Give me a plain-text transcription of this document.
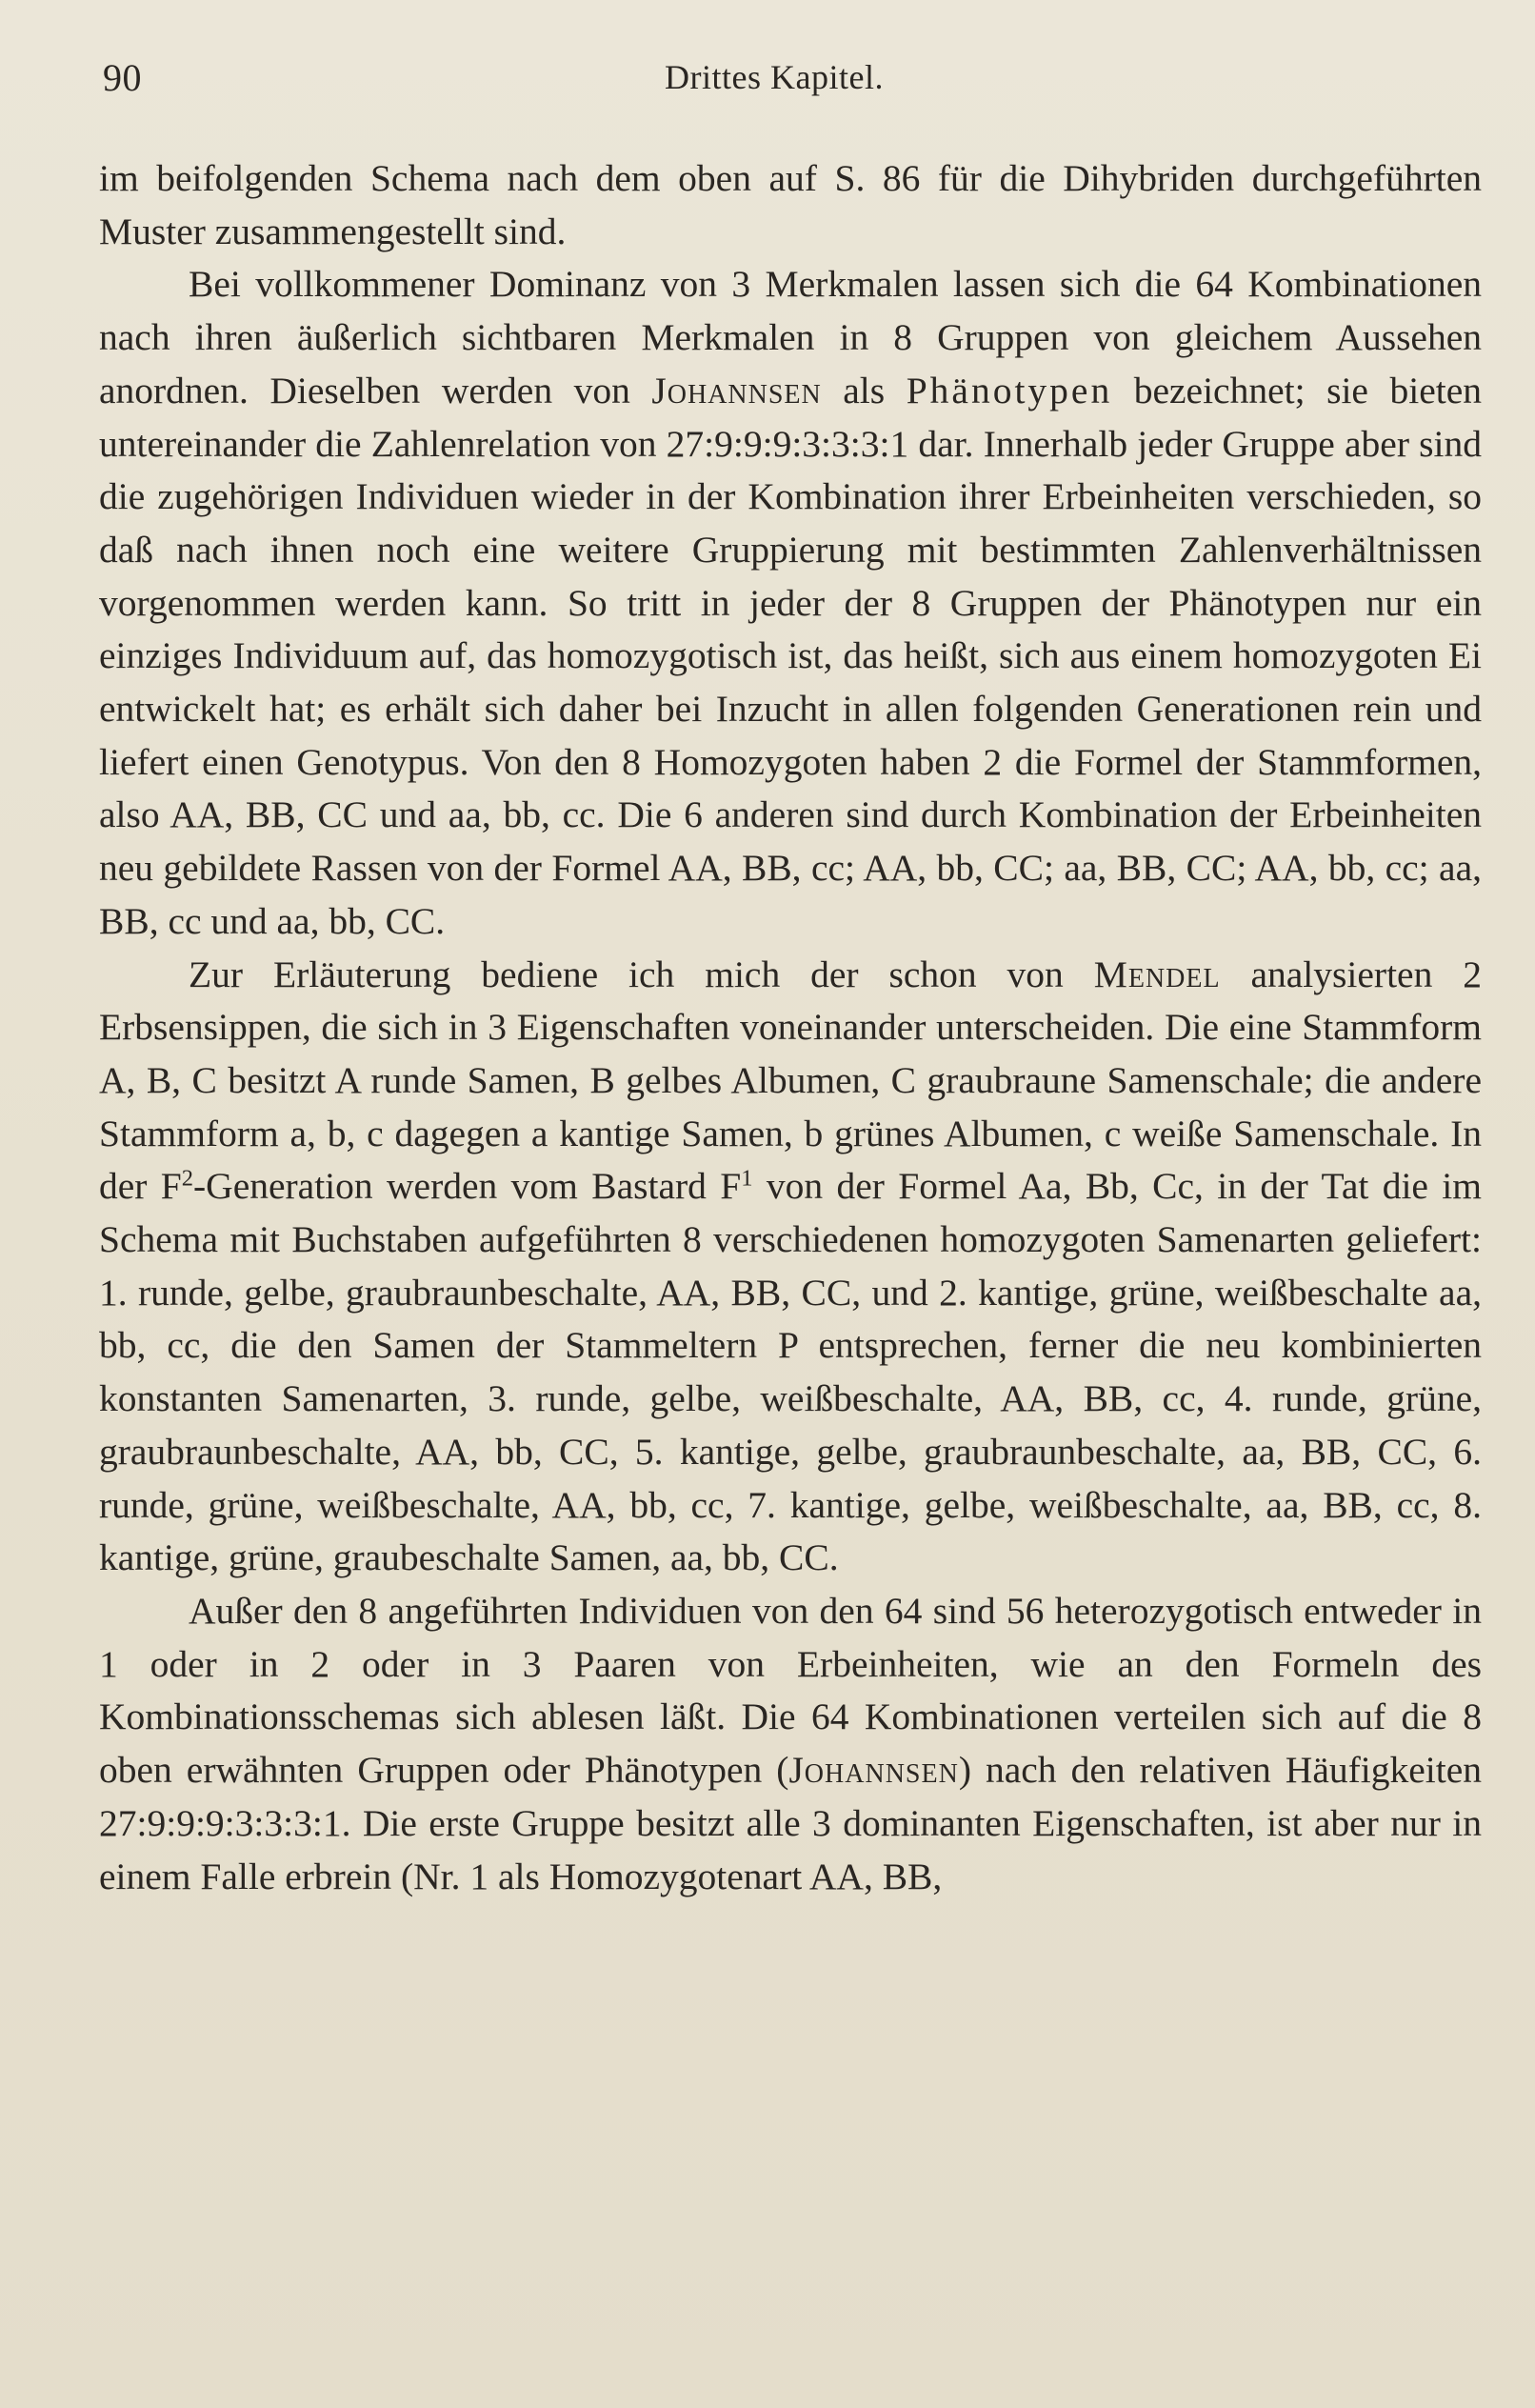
90	Drittes Kapitel.

im beifolgenden Schema nach dem oben auf S. 86 für die Dihybriden durchgeführten Muster zusammengestellt sind.

Bei vollkommener Dominanz von 3 Merkmalen lassen sich die 64 Kombinationen nach ihren äußerlich sichtbaren Merkmalen in 8 Gruppen von gleichem Aussehen anordnen. Dieselben werden von Johannsen als Phänotypen bezeichnet; sie bieten untereinander die Zahlenrelation von 27:9:9:9:3:3:3:1 dar. Innerhalb jeder Gruppe aber sind die zugehörigen Individuen wieder in der Kombination ihrer Erbeinheiten verschieden, so daß nach ihnen noch eine weitere Gruppierung mit bestimmten Zahlenverhältnissen vorgenommen werden kann. So tritt in jeder der 8 Gruppen der Phänotypen nur ein einziges Individuum auf, das homozygotisch ist, das heißt, sich aus einem homozygoten Ei entwickelt hat; es erhält sich daher bei Inzucht in allen folgenden Generationen rein und liefert einen Genotypus. Von den 8 Homozygoten haben 2 die Formel der Stammformen, also AA, BB, CC und aa, bb, cc. Die 6 anderen sind durch Kombination der Erbeinheiten neu gebildete Rassen von der Formel AA, BB, cc; AA, bb, CC; aa, BB, CC; AA, bb, cc; aa, BB, cc und aa, bb, CC.

Zur Erläuterung bediene ich mich der schon von Mendel analysierten 2 Erbsensippen, die sich in 3 Eigenschaften voneinander unterscheiden. Die eine Stammform A, B, C besitzt A runde Samen, B gelbes Albumen, C graubraune Samenschale; die andere Stammform a, b, c dagegen a kantige Samen, b grünes Albumen, c weiße Samenschale. In der $F^2$-Generation werden vom Bastard $F^1$ von der Formel Aa, Bb, Cc, in der Tat die im Schema mit Buchstaben aufgeführten 8 verschiedenen homozygoten Samenarten geliefert: 1. runde, gelbe, graubraunbeschalte, AA, BB, CC, und 2. kantige, grüne, weißbeschalte aa, bb, cc, die den Samen der Stammeltern P entsprechen, ferner die neu kombinierten konstanten Samenarten, 3. runde, gelbe, weißbeschalte, AA, BB, cc, 4. runde, grüne, graubraunbeschalte, AA, bb, CC, 5. kantige, gelbe, graubraunbeschalte, aa, BB, CC, 6. runde, grüne, weißbeschalte, AA, bb, cc, 7. kantige, gelbe, weißbeschalte, aa, BB, cc, 8. kantige, grüne, graubeschalte Samen, aa, bb, CC.

Außer den 8 angeführten Individuen von den 64 sind 56 heterozygotisch entweder in 1 oder in 2 oder in 3 Paaren von Erbeinheiten, wie an den Formeln des Kombinationsschemas sich ablesen läßt. Die 64 Kombinationen verteilen sich auf die 8 oben erwähnten Gruppen oder Phänotypen (Johannsen) nach den relativen Häufigkeiten 27:9:9:9:3:3:3:1. Die erste Gruppe besitzt alle 3 dominanten Eigenschaften, ist aber nur in einem Falle erbrein (Nr. 1 als Homozygotenart AA, BB,
